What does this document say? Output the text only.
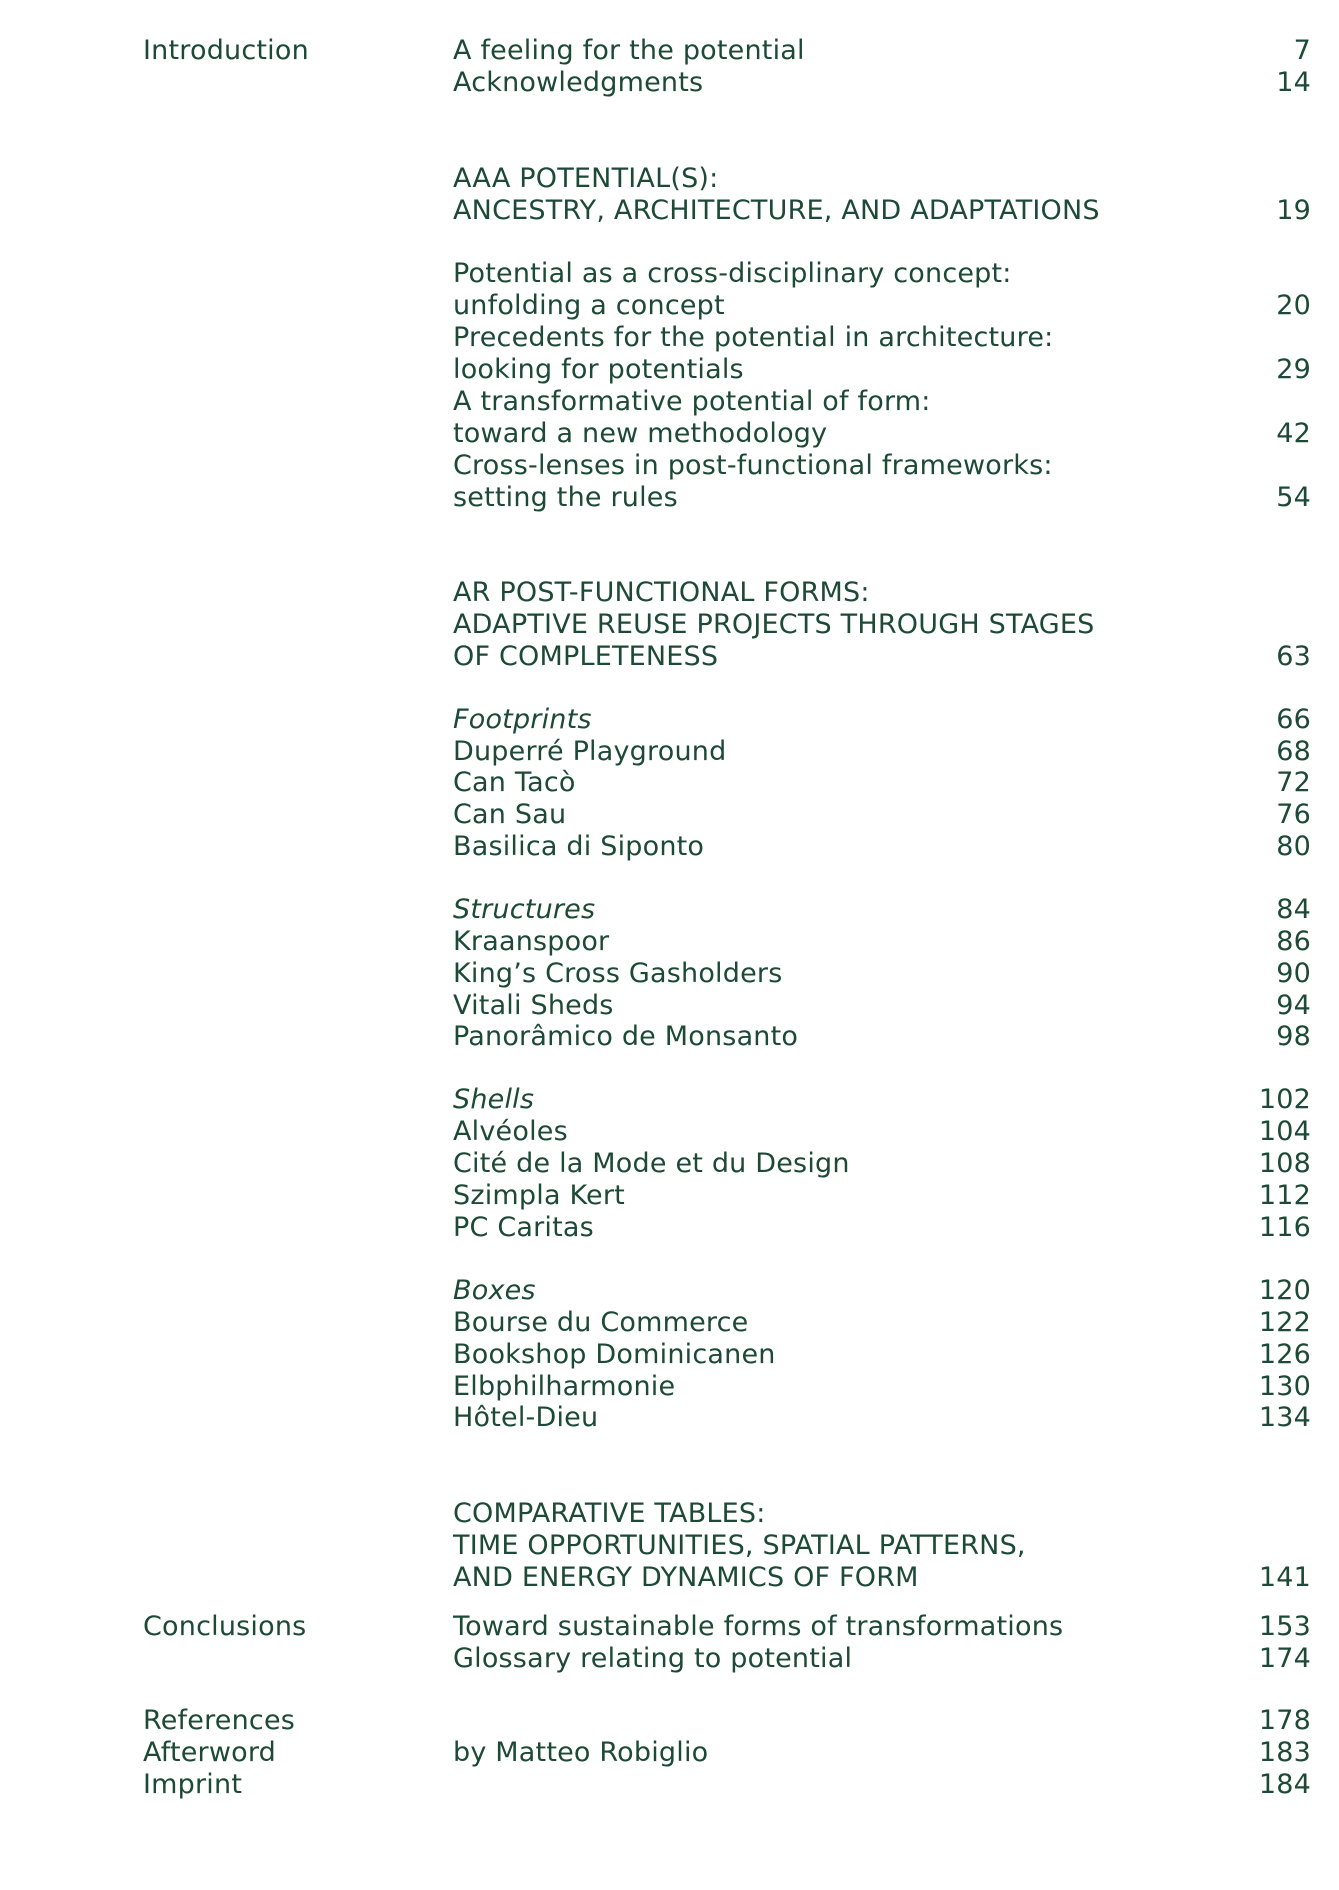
Introduction
Conclusions
References
Afterword
Imprint
A feeling for the potential
Acknowledgments
AAA POTENTIAL(S):
ANCESTRY, ARCHITECTURE, AND ADAPTATIONS
Potential as a cross-disciplinary concept:
unfolding a concept
Precedents for the potential in architecture:
looking for potentials
A transformative potential of form:
toward a new methodology
Cross-lenses in post-functional frameworks:
setting the rules
AR POST-FUNCTIONAL FORMS:
ADAPTIVE REUSE PROJECTS THROUGH STAGES
OF COMPLETENESS
Footprints
Duperré Playground
Can Tacò
Can Sau
Basilica di Siponto
Structures
Kraanspoor
King’s Cross Gasholders
Vitali Sheds
Panorâmico de Monsanto
Shells
Alvéoles
Cité de la Mode et du Design
Szimpla Kert
PC Caritas
Boxes
Bourse du Commerce
Bookshop Dominicanen
Elbphilharmonie
Hôtel-Dieu
COMPARATIVE TABLES:
TIME OPPORTUNITIES, SPATIAL PATTERNS,
AND ENERGY DYNAMICS OF FORM
Toward sustainable forms of transformations
Glossary relating to potential
by Matteo Robiglio
7
14
19
20
29
42
54
63
66
68
72
76
80
84
86
90
94
98
102
104
108
112
116
120
122
126
130
134
141
153
174
178
183
184
